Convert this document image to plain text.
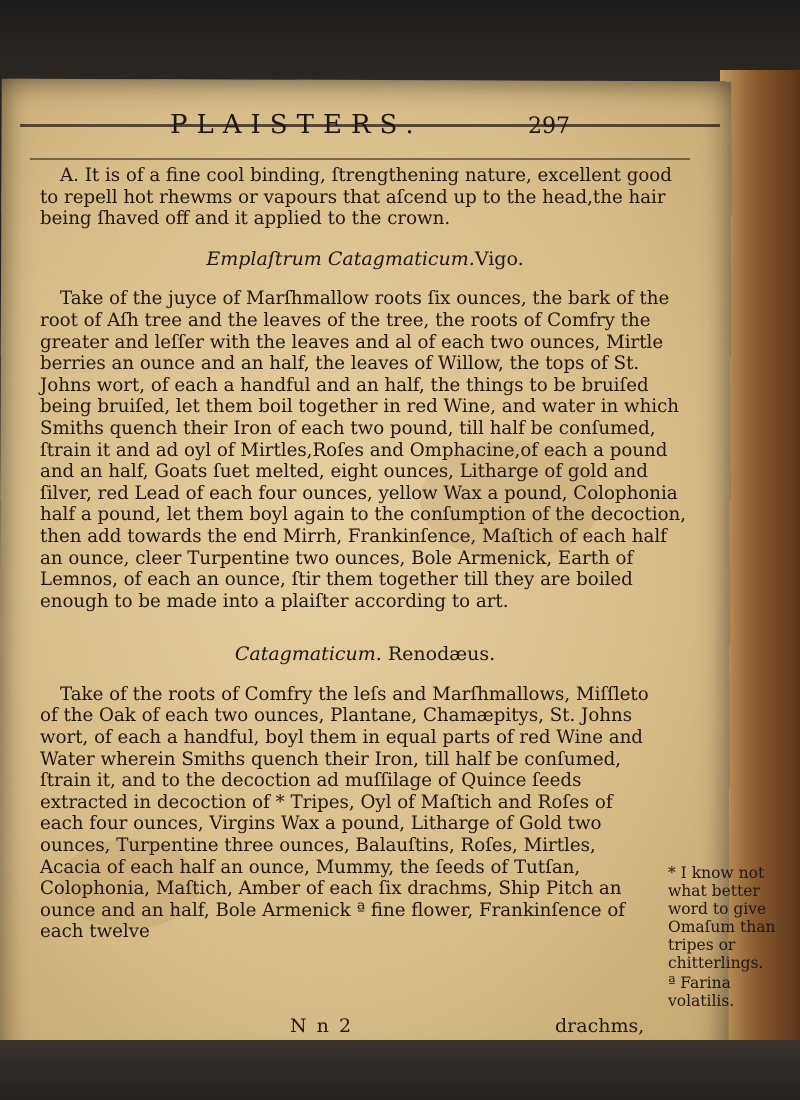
PLAISTERS.	297

A. It is of a fine cool binding, ſtrengthening nature, excellent good to repell hot rhewms or vapours that aſcend up to the head,the hair being ſhaved off and it applied to the crown.

Emplaſtrum Catagmaticum.Vigo.

Take of the juyce of Marſhmallow roots ſix ounces, the bark of the root of Aſh tree and the leaves of the tree, the roots of Comfry the greater and leſſer with the leaves and al of each two ounces, Mirtle berries an ounce and an half, the leaves of Willow, the tops of St. Johns wort, of each a handful and an half, the things to be bruiſed being bruiſed, let them boil together in red Wine, and water in which Smiths quench their Iron of each two pound, till half be conſumed, ſtrain it and ad oyl of Mirtles,Roſes and Omphacine,of each a pound and an half, Goats ſuet melted, eight ounces, Litharge of gold and ſilver, red Lead of each four ounces, yellow Wax a pound, Colophonia half a pound, let them boyl again to the conſumption of the decoction, then add towards the end Mirrh, Frankinſence, Maſtich of each half an ounce, cleer Turpentine two ounces, Bole Armenick, Earth of Lemnos, of each an ounce, ſtir them together till they are boiled enough to be made into a plaiſter according to art.

Catagmaticum. Renodæus.

Take of the roots of Comfry the leſs and Marſhmallows, Miſſleto of the Oak of each two ounces, Plantane, Chamæpitys, St. Johns wort, of each a handful, boyl them in equal parts of red Wine and Water wherein Smiths quench their Iron, till half be conſumed, ſtrain it, and to the decoction ad muſſilage of Quince ſeeds extracted in decoction of * Tripes, Oyl of Maſtich and Roſes of each four ounces, Virgins Wax a pound, Litharge of Gold two ounces, Turpentine three ounces, Balauſtins, Roſes, Mirtles, Acacia of each half an ounce, Mummy, the ſeeds of Tutſan, Colophonia, Maſtich, Amber of each ſix drachms, Ship Pitch an ounce and an half, Bole Armenick ª fine flower, Frankinſence of each twelve

* I know not what better word to give Omaſum than tripes or chitterlings.
ª Farina volatilis.
N n 2	drachms,
